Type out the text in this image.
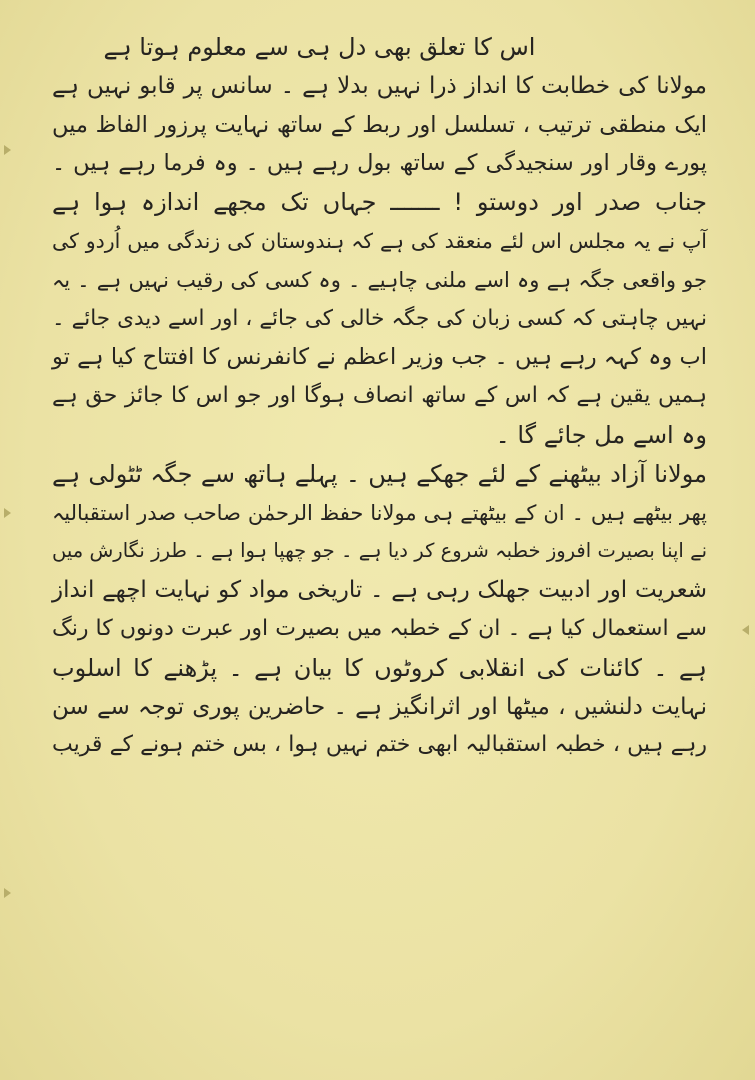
اس کا تعلق بھی دل ہی سے معلوم ہوتا ہے
مولانا کی خطابت کا انداز ذرا نہیں بدلا ہے ۔ سانس پر قابو نہیں ہے
ایک منطقی ترتیب ، تسلسل اور ربط کے ساتھ نہایت پرزور الفاظ میں
پورے وقار اور سنجیدگی کے ساتھ بول رہے ہیں ۔ وہ فرما رہے ہیں ۔
جناب صدر اور دوستو ! ـــــــ جہاں تک مجھے اندازہ ہوا ہے
آپ نے یہ مجلس اس لئے منعقد کی ہے کہ ہندوستان کی زندگی میں اُردو کی
جو واقعی جگہ ہے وہ اسے ملنی چاہیے ۔ وہ کسی کی رقیب نہیں ہے ۔ یہ
نہیں چاہتی کہ کسی زبان کی جگہ خالی کی جائے ، اور اسے دیدی جائے ۔
اب وہ کہہ رہے ہیں ۔ جب وزیر اعظم نے کانفرنس کا افتتاح کیا ہے تو
ہمیں یقین ہے کہ اس کے ساتھ انصاف ہوگا اور جو اس کا جائز حق ہے
وہ اسے مل جائے گا ۔
مولانا آزاد بیٹھنے کے لئے جھکے ہیں ۔ پہلے ہاتھ سے جگہ ٹٹولی ہے
پھر بیٹھے ہیں ۔ ان کے بیٹھتے ہی مولانا حفظ الرحمٰن صاحب صدر استقبالیہ
نے اپنا بصیرت افروز خطبہ شروع کر دیا ہے ۔ جو چھپا ہوا ہے ۔ طرز نگارش میں
شعریت اور ادبیت جھلک رہی ہے ۔ تاریخی مواد کو نہایت اچھے انداز
سے استعمال کیا ہے ۔ ان کے خطبہ میں بصیرت اور عبرت دونوں کا رنگ
ہے ۔ کائنات کی انقلابی کروٹوں کا بیان ہے ۔ پڑھنے کا اسلوب
نہایت دلنشیں ، میٹھا اور اثرانگیز ہے ۔ حاضرین پوری توجہ سے سن
رہے ہیں ، خطبہ استقبالیہ ابھی ختم نہیں ہوا ، بس ختم ہونے کے قریب
